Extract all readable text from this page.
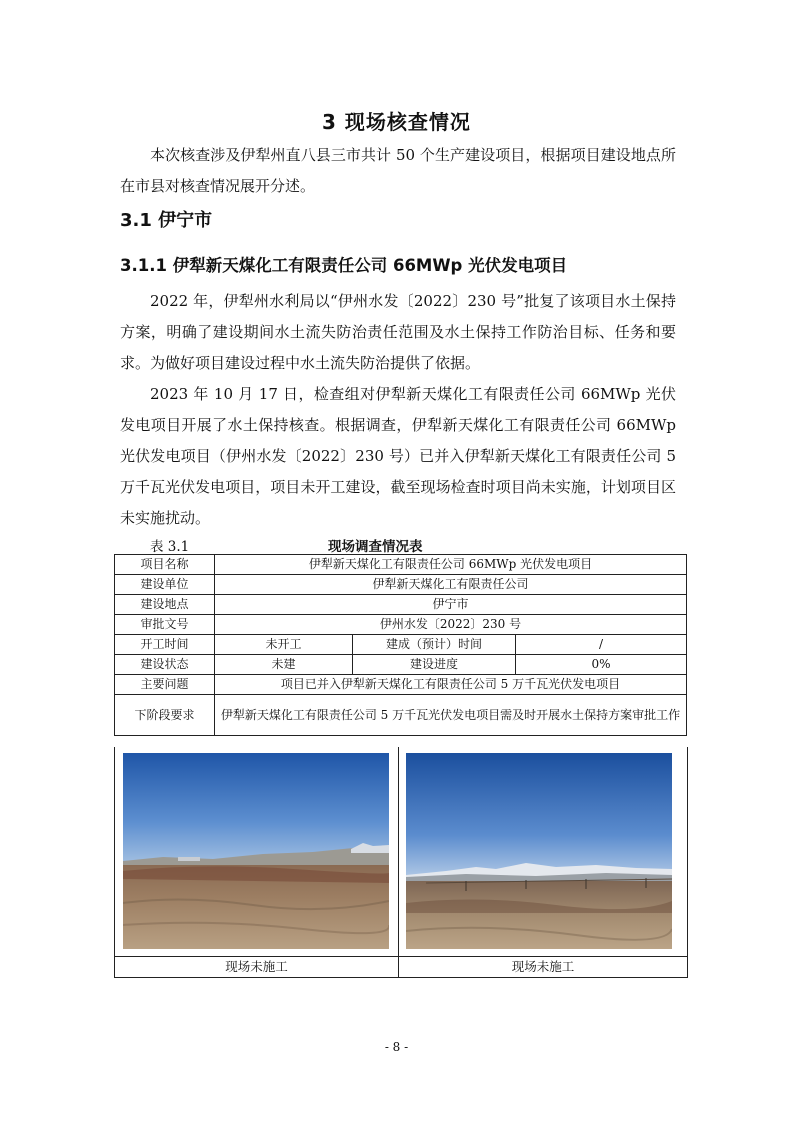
3 现场核查情况
本次核查涉及伊犁州直八县三市共计 50 个生产建设项目，根据项目建设地点所在市县对核查情况展开分述。
3.1 伊宁市
3.1.1 伊犁新天煤化工有限责任公司 66MWp 光伏发电项目
2022 年，伊犁州水利局以“伊州水发〔2022〕230 号”批复了该项目水土保持方案，明确了建设期间水土流失防治责任范围及水土保持工作防治目标、任务和要求。为做好项目建设过程中水土流失防治提供了依据。
2023 年 10 月 17 日，检查组对伊犁新天煤化工有限责任公司 66MWp 光伏发电项目开展了水土保持核查。根据调查，伊犁新天煤化工有限责任公司 66MWp 光伏发电项目（伊州水发〔2022〕230 号）已并入伊犁新天煤化工有限责任公司 5 万千瓦光伏发电项目，项目未开工建设，截至现场检查时项目尚未实施，计划项目区未实施扰动。
表 3.1	现场调查情况表
项目名称	伊犁新天煤化工有限责任公司 66MWp 光伏发电项目		
建设单位	伊犁新天煤化工有限责任公司		
建设地点	伊宁市		
审批文号	伊州水发〔2022〕230 号		
开工时间	未开工	建成（预计）时间	/
建设状态	未建	建设进度	0%
主要问题	项目已并入伊犁新天煤化工有限责任公司 5 万千瓦光伏发电项目		
下阶段要求	伊犁新天煤化工有限责任公司 5 万千瓦光伏发电项目需及时开展水土保持方案审批工作		
现场未施工	现场未施工
- 8 -
